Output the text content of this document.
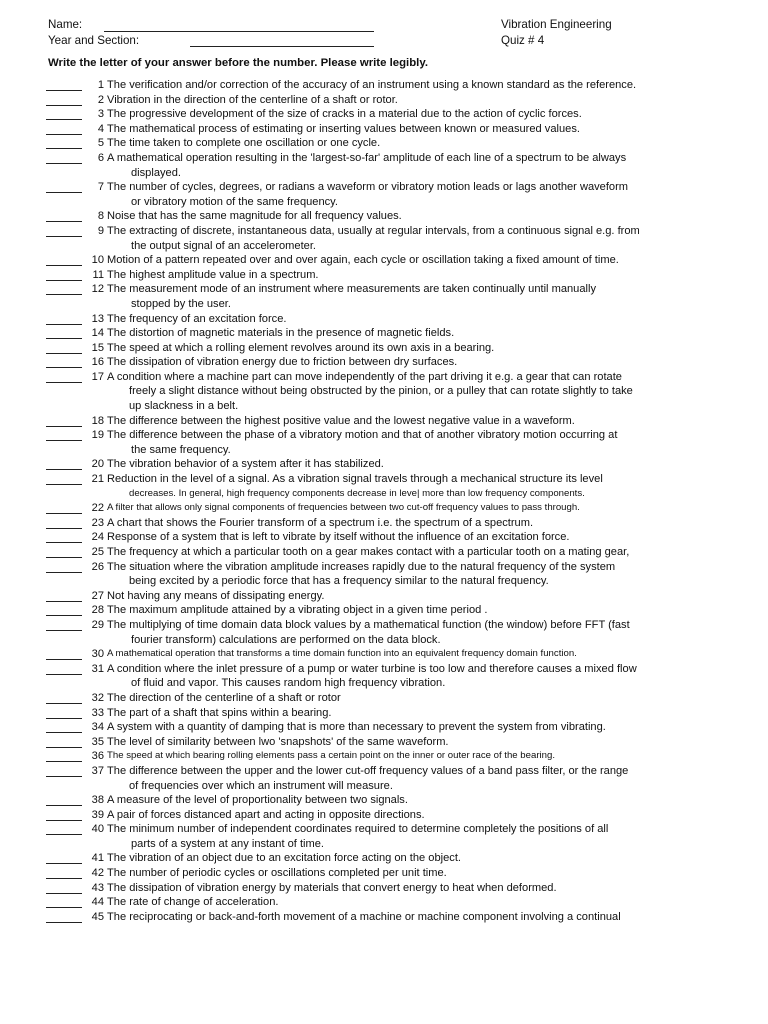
Name:
Year and Section:
Vibration Engineering
Quiz # 4
Write the letter of your answer before the number. Please write legibly.
1 The verification and/or correction of the accuracy of an instrument using a known standard as the reference.
2 Vibration in the direction of the centerline of a shaft or rotor.
3 The progressive development of the size of cracks in a material due to the action of cyclic forces.
4 The mathematical process of estimating or inserting values between known or measured values.
5 The time taken to complete one oscillation or one cycle.
6 A mathematical operation resulting in the 'largest-so-far' amplitude of each line of a spectrum to be always
displayed.
7 The number of cycles, degrees, or radians a waveform or vibratory motion leads or lags another waveform
or vibratory motion of the same frequency.
8 Noise that has the same magnitude for all frequency values.
9 The extracting of discrete, instantaneous data, usually at regular intervals, from a continuous signal e.g. from
the output signal of an accelerometer.
10 Motion of a pattern repeated over and over again, each cycle or oscillation taking a fixed amount of time.
11 The highest amplitude value in a spectrum.
12 The measurement mode of an instrument where measurements are taken continually until manually
stopped by the user.
13 The frequency of an excitation force.
14 The distortion of magnetic materials in the presence of magnetic fields.
15 The speed at which a rolling element revolves around its own axis in a bearing.
16 The dissipation of vibration energy due to friction between dry surfaces.
17 A condition where a machine part can move independently of the part driving it e.g. a gear that can rotate
freely a slight distance without being obstructed by the pinion, or a pulley that can rotate slightly to take
up slackness in a belt.
18 The difference between the highest positive value and the lowest negative value in a waveform.
19 The difference between the phase of a vibratory motion and that of another vibratory motion occurring at
the same frequency.
20 The vibration behavior of a system after it has stabilized.
21 Reduction in the level of a signal. As a vibration signal travels through a mechanical structure its level
decreases. In general, high frequency components decrease in leve| more than low frequency components.
22 A filter that allows only signal components of frequencies between two cut-off frequency values to pass through.
23 A chart that shows the Fourier transform of a spectrum i.e. the spectrum of a spectrum.
24 Response of a system that is left to vibrate by itself without the influence of an excitation force.
25 The frequency at which a particular tooth on a gear makes contact with a particular tooth on a mating gear,
26 The situation where the vibration amplitude increases rapidly due to the natural frequency of the system
being excited by a periodic force that has a frequency similar to the natural frequency.
27 Not having any means of dissipating energy.
28 The maximum amplitude attained by a vibrating object in a given time period .
29 The multiplying of time domain data block values by a mathematical function (the window) before FFT (fast
fourier transform) calculations are performed on the data block.
30 A mathematical operation that transforms a time domain function into an equivalent frequency domain function.
31 A condition where the inlet pressure of a pump or water turbine is too low and therefore causes a mixed flow
of fluid and vapor. This causes random high frequency vibration.
32 The direction of the centerline of a shaft or rotor
33 The part of a shaft that spins within a bearing.
34 A system with a quantity of damping that is more than necessary to prevent the system from vibrating.
35 The level of similarity between lwo 'snapshots' of the same waveform.
36 The speed at which bearing rolling elements pass a certain point on the inner or outer race of the bearing.
37 The difference between the upper and the lower cut-off frequency values of a band pass filter, or the range
of frequencies over which an instrument will measure.
38 A measure of the level of proportionality between two signals.
39 A pair of forces distanced apart and acting in opposite directions.
40 The minimum number of independent coordinates required to determine completely the positions of all
parts of a system at any instant of time.
41 The vibration of an object due to an excitation force acting on the object.
42 The number of periodic cycles or oscillations completed per unit time.
43 The dissipation of vibration energy by materials that convert energy to heat when deformed.
44 The rate of change of acceleration.
45 The reciprocating or back-and-forth movement of a machine or machine component involving a continual
